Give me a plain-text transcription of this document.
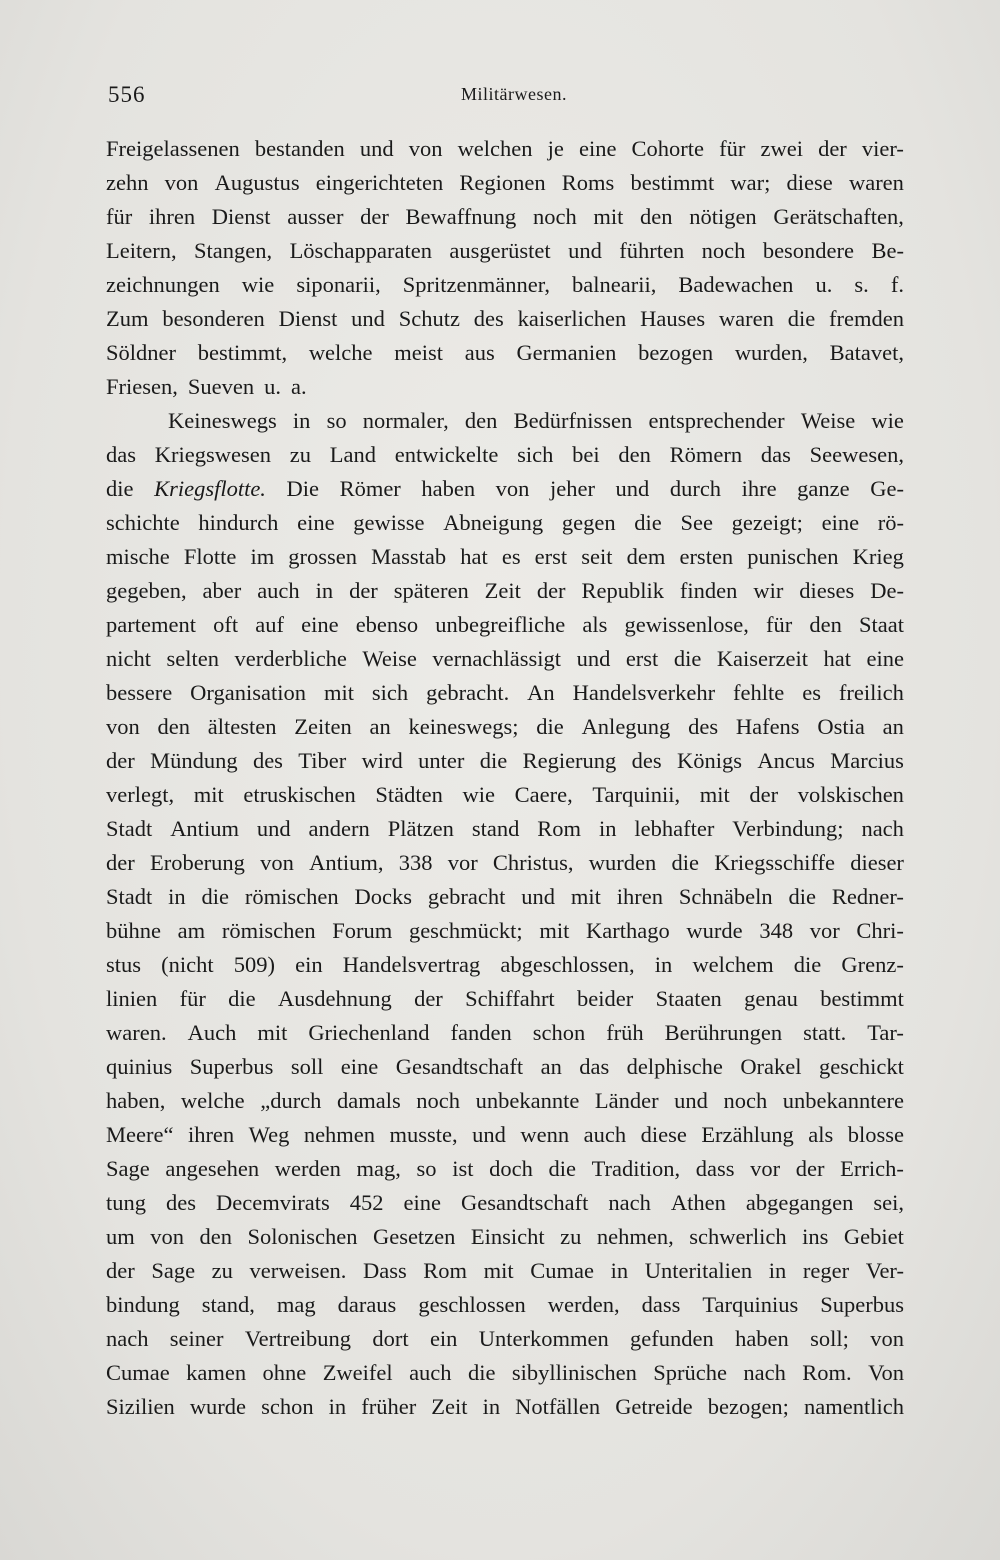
556	Militärwesen.
Freigelassenen bestanden und von welchen je eine Cohorte für zwei der vier-
zehn von Augustus eingerichteten Regionen Roms bestimmt war; diese waren
für ihren Dienst ausser der Bewaffnung noch mit den nötigen Gerätschaften,
Leitern, Stangen, Löschapparaten ausgerüstet und führten noch besondere Be-
zeichnungen wie siponarii, Spritzenmänner, balnearii, Badewachen u. s. f.
Zum besonderen Dienst und Schutz des kaiserlichen Hauses waren die fremden
Söldner bestimmt, welche meist aus Germanien bezogen wurden, Batavet,
Friesen, Sueven u. a.
Keineswegs in so normaler, den Bedürfnissen entsprechender Weise wie
das Kriegswesen zu Land entwickelte sich bei den Römern das Seewesen,
die Kriegsflotte. Die Römer haben von jeher und durch ihre ganze Ge-
schichte hindurch eine gewisse Abneigung gegen die See gezeigt; eine rö-
mische Flotte im grossen Masstab hat es erst seit dem ersten punischen Krieg
gegeben, aber auch in der späteren Zeit der Republik finden wir dieses De-
partement oft auf eine ebenso unbegreifliche als gewissenlose, für den Staat
nicht selten verderbliche Weise vernachlässigt und erst die Kaiserzeit hat eine
bessere Organisation mit sich gebracht. An Handelsverkehr fehlte es freilich
von den ältesten Zeiten an keineswegs; die Anlegung des Hafens Ostia an
der Mündung des Tiber wird unter die Regierung des Königs Ancus Marcius
verlegt, mit etruskischen Städten wie Caere, Tarquinii, mit der volskischen
Stadt Antium und andern Plätzen stand Rom in lebhafter Verbindung; nach
der Eroberung von Antium, 338 vor Christus, wurden die Kriegsschiffe dieser
Stadt in die römischen Docks gebracht und mit ihren Schnäbeln die Redner-
bühne am römischen Forum geschmückt; mit Karthago wurde 348 vor Chri-
stus (nicht 509) ein Handelsvertrag abgeschlossen, in welchem die Grenz-
linien für die Ausdehnung der Schiffahrt beider Staaten genau bestimmt
waren. Auch mit Griechenland fanden schon früh Berührungen statt. Tar-
quinius Superbus soll eine Gesandtschaft an das delphische Orakel geschickt
haben, welche „durch damals noch unbekannte Länder und noch unbekanntere
Meere“ ihren Weg nehmen musste, und wenn auch diese Erzählung als blosse
Sage angesehen werden mag, so ist doch die Tradition, dass vor der Errich-
tung des Decemvirats 452 eine Gesandtschaft nach Athen abgegangen sei,
um von den Solonischen Gesetzen Einsicht zu nehmen, schwerlich ins Gebiet
der Sage zu verweisen. Dass Rom mit Cumae in Unteritalien in reger Ver-
bindung stand, mag daraus geschlossen werden, dass Tarquinius Superbus
nach seiner Vertreibung dort ein Unterkommen gefunden haben soll; von
Cumae kamen ohne Zweifel auch die sibyllinischen Sprüche nach Rom. Von
Sizilien wurde schon in früher Zeit in Notfällen Getreide bezogen; namentlich
